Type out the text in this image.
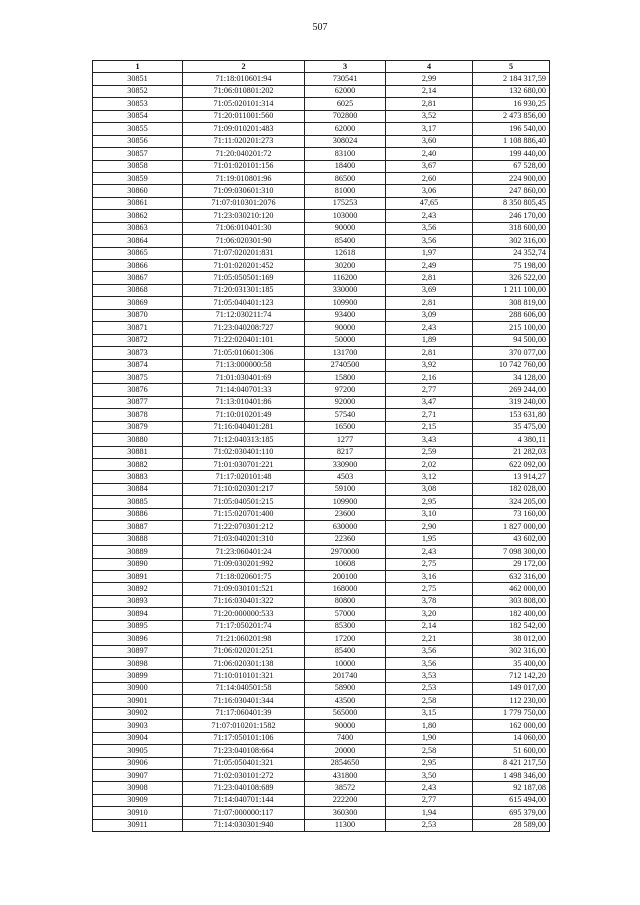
507
1	2	3	4	5
30851	71:18:010601:94	730541	2,99	2 184 317,59
30852	71:06:010801:202	62000	2,14	132 680,00
30853	71:05:020101:314	6025	2,81	16 930,25
30854	71:20:011001:560	702800	3,52	2 473 856,00
30855	71:09:010201:483	62000	3,17	196 540,00
30856	71:11:020201:273	308024	3,60	1 108 886,40
30857	71:20:040201:72	83100	2,40	199 440,00
30858	71:01:020101:156	18400	3,67	67 528,00
30859	71:19:010801:96	86500	2,60	224 900,00
30860	71:09:030601:310	81000	3,06	247 860,00
30861	71:07:010301:2076	175253	47,65	8 350 805,45
30862	71:23:030210:120	103000	2,43	246 170,00
30863	71:06:010401:30	90000	3,56	318 600,00
30864	71:06:020301:90	85400	3,56	302 316,00
30865	71:07:020201:831	12618	1,97	24 352,74
30866	71:01:020201:452	30200	2,49	75 198,00
30867	71:05:050501:169	116200	2,81	326 522,00
30868	71:20:031301:185	330000	3,69	1 211 100,00
30869	71:05:040401:123	109900	2,81	308 819,00
30870	71:12:030211:74	93400	3,09	288 606,00
30871	71:23:040208:727	90000	2,43	215 100,00
30872	71:22:020401:101	50000	1,89	94 500,00
30873	71:05:010601:306	131700	2,81	370 077,00
30874	71:13:000000:58	2740500	3,92	10 742 760,00
30875	71:01:030401:69	15800	2,16	34 128,00
30876	71:14:040701:33	97200	2,77	269 244,00
30877	71:13:010401:86	92000	3,47	319 240,00
30878	71:10:010201:49	57540	2,71	153 631,80
30879	71:16:040401:281	16500	2,15	35 475,00
30880	71:12:040313:185	1277	3,43	4 380,11
30881	71:02:030401:110	8217	2,59	21 282,03
30882	71:01:030701:221	330900	2,02	622 092,00
30883	71:17:020101:48	4503	3,12	13 914,27
30884	71:10:020301:217	59100	3,08	182 028,00
30885	71:05:040501:215	109900	2,95	324 205,00
30886	71:15:020701:400	23600	3,10	73 160,00
30887	71:22:070301:212	630000	2,90	1 827 000,00
30888	71:03:040201:310	22360	1,95	43 602,00
30889	71:23:060401:24	2970000	2,43	7 098 300,00
30890	71:09:030201:992	10608	2,75	29 172,00
30891	71:18:020601:75	200100	3,16	632 316,00
30892	71:09:030101:521	168000	2,75	462 000,00
30893	71:16:030401:322	80800	3,78	303 808,00
30894	71:20:000000:533	57000	3,20	182 400,00
30895	71:17:050201:74	85300	2,14	182 542,00
30896	71:21:060201:98	17200	2,21	38 012,00
30897	71:06:020201:251	85400	3,56	302 316,00
30898	71:06:020301:138	10000	3,56	35 400,00
30899	71:10:010101:321	201740	3,53	712 142,20
30900	71:14:040501:58	58900	2,53	149 017,00
30901	71:16:030401:344	43500	2,58	112 230,00
30902	71:17:060401:39	565000	3,15	1 779 750,00
30903	71:07:010201:1582	90000	1,80	162 000,00
30904	71:17:050101:106	7400	1,90	14 060,00
30905	71:23:040108:664	20000	2,58	51 600,00
30906	71:05:050401:321	2854650	2,95	8 421 217,50
30907	71:02:030101:272	431800	3,50	1 498 346,00
30908	71:23:040108:689	38572	2,43	92 187,08
30909	71:14:040701:144	222200	2,77	615 494,00
30910	71:07:000000:117	360300	1,94	695 379,00
30911	71:14:030301:940	11300	2,53	28 589,00
